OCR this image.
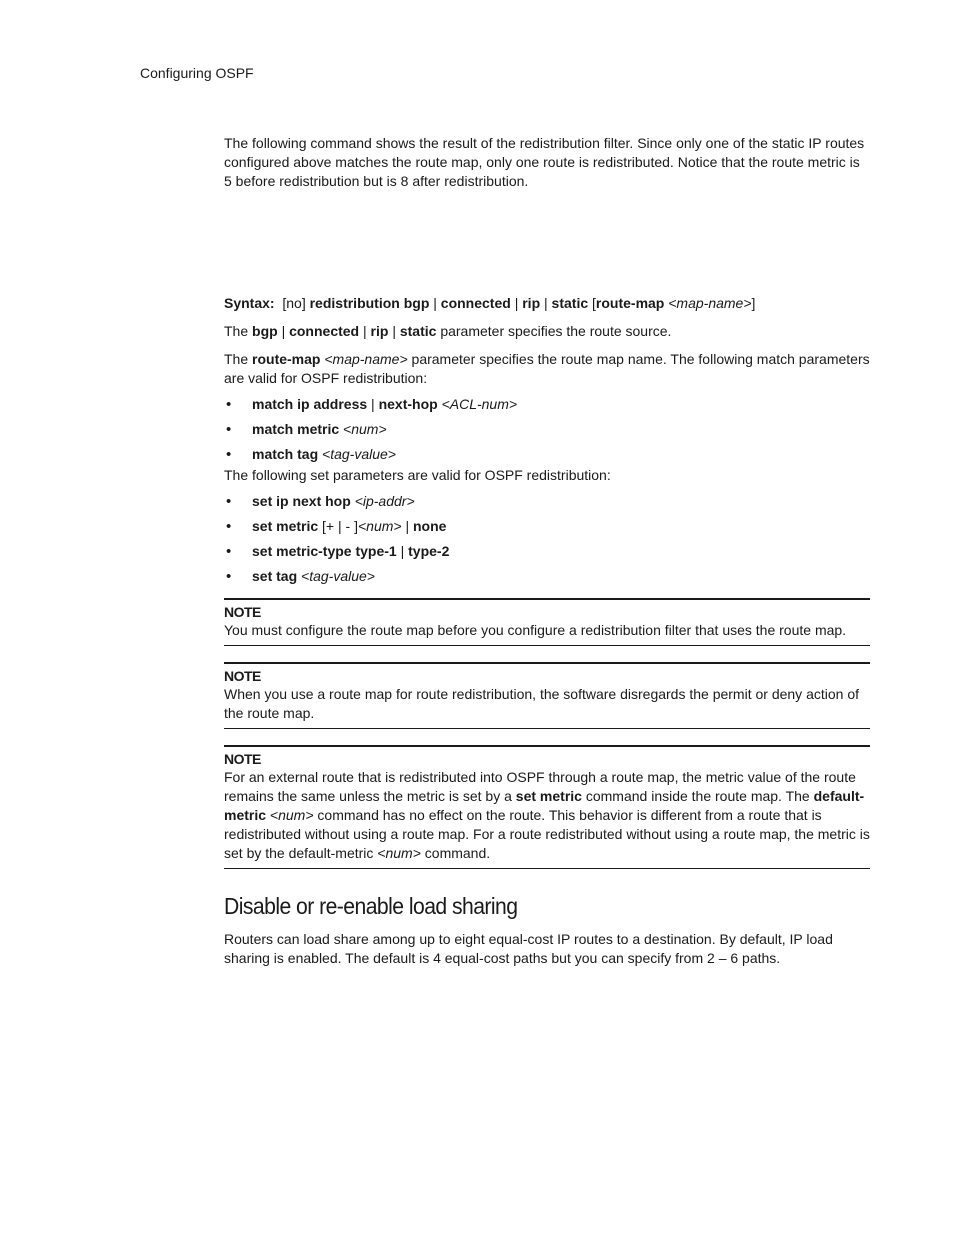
Configuring OSPF

The following command shows the result of the redistribution filter. Since only one of the static IP routes configured above matches the route map, only one route is redistributed. Notice that the route metric is 5 before redistribution but is 8 after redistribution.

Syntax: [no] redistribution bgp | connected | rip | static [route-map <map-name>]

The bgp | connected | rip | static parameter specifies the route source.

The route-map <map-name> parameter specifies the route map name. The following match parameters are valid for OSPF redistribution:

• match ip address | next-hop <ACL-num>
• match metric <num>
• match tag <tag-value>

The following set parameters are valid for OSPF redistribution:

• set ip next hop <ip-addr>
• set metric [+ | - ]<num> | none
• set metric-type type-1 | type-2
• set tag <tag-value>
NOTE

You must configure the route map before you configure a redistribution filter that uses the route map.

NOTE

When you use a route map for route redistribution, the software disregards the permit or deny action of the route map.

NOTE

For an external route that is redistributed into OSPF through a route map, the metric value of the route remains the same unless the metric is set by a set metric command inside the route map. The default-metric <num> command has no effect on the route. This behavior is different from a route that is redistributed without using a route map. For a route redistributed without using a route map, the metric is set by the default-metric <num> command.

Disable or re-enable load sharing

Routers can load share among up to eight equal-cost IP routes to a destination. By default, IP load sharing is enabled. The default is 4 equal-cost paths but you can specify from 2 – 6 paths.
